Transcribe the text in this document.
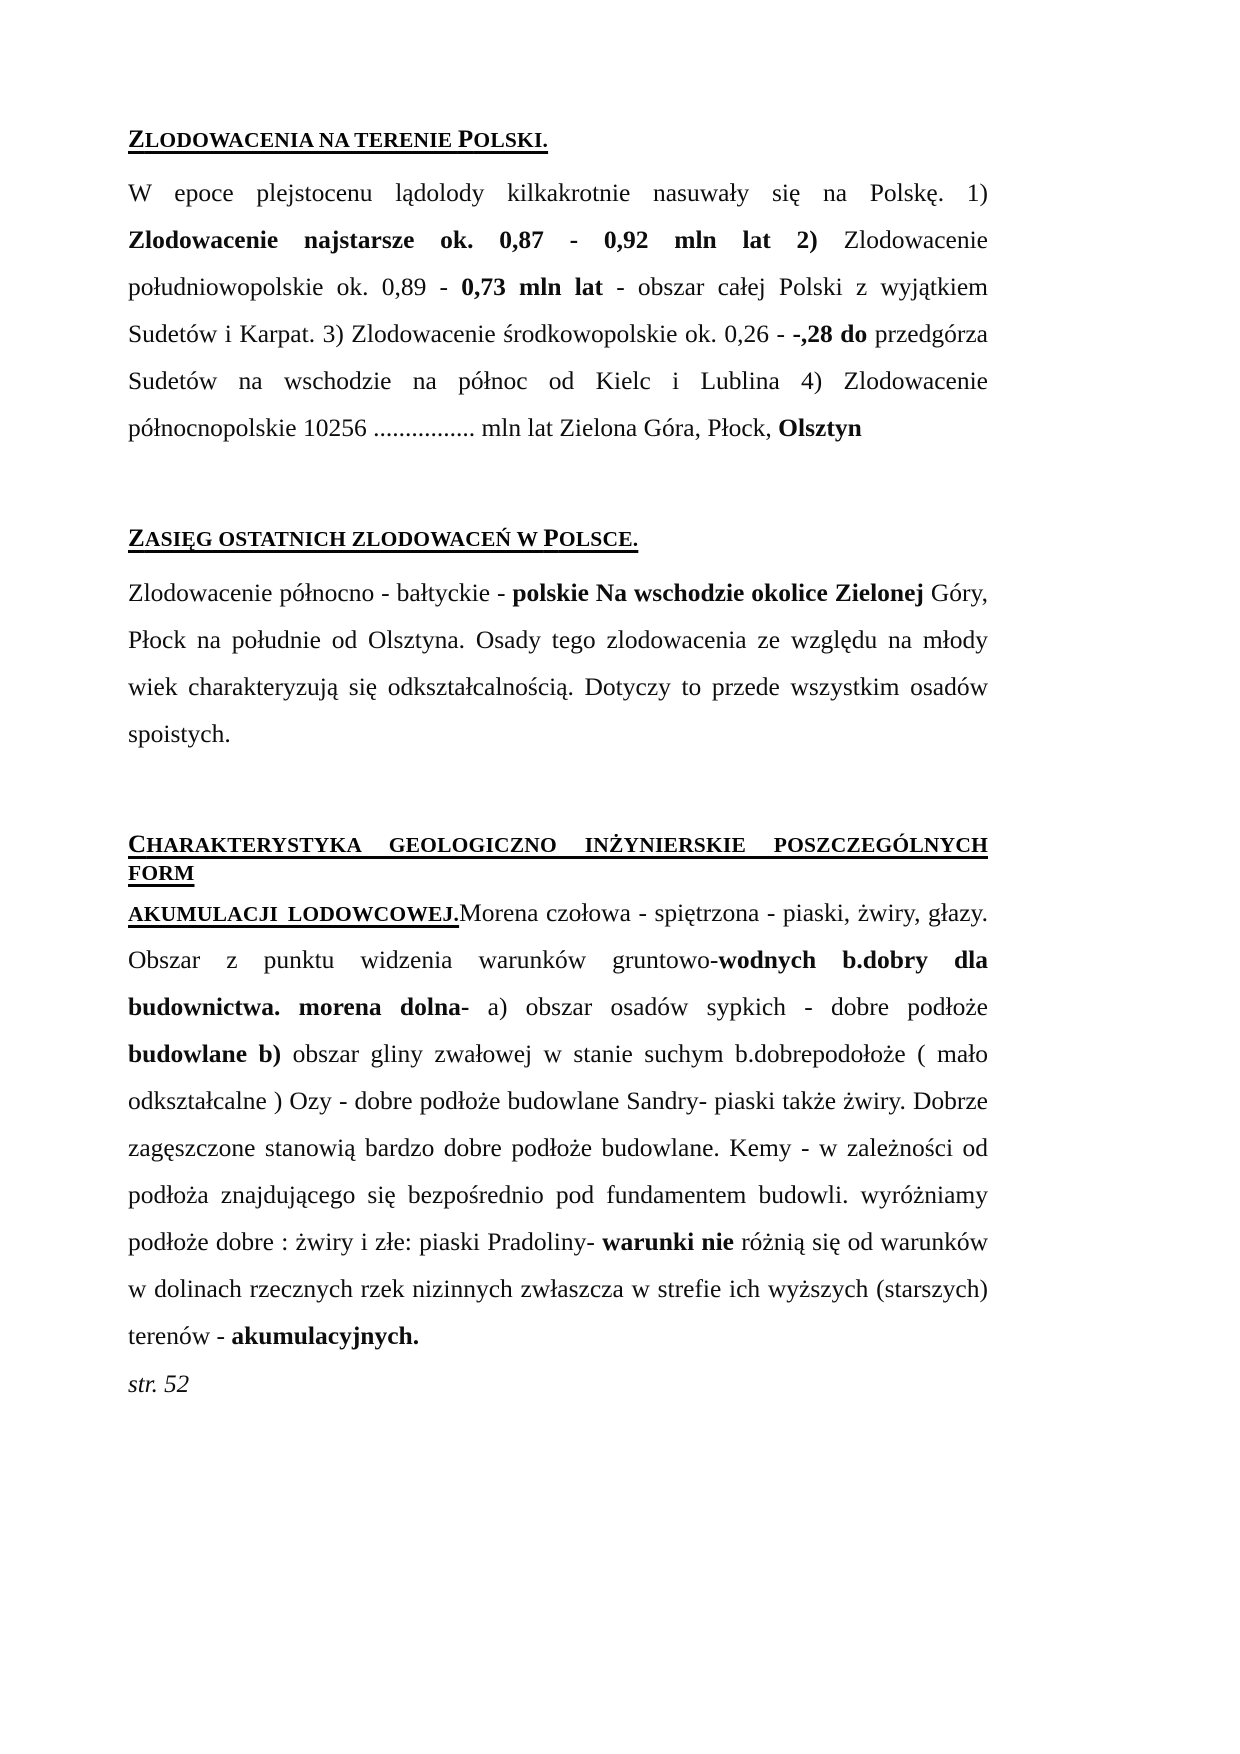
ZLODOWACENIA NA TERENIE POLSKI.

W epoce plejstocenu lądolody kilkakrotnie nasuwały się na Polskę. 1) Zlodowacenie najstarsze ok. 0,87 - 0,92 mln lat 2) Zlodowacenie południowopolskie ok. 0,89 - 0,73 mln lat - obszar całej Polski z wyjątkiem Sudetów i Karpat. 3) Zlodowacenie środkowopolskie ok. 0,26 - -,28 do przedgórza Sudetów na wschodzie na północ od Kielc i Lublina 4) Zlodowacenie północnopolskie 10256 ................ mln lat Zielona Góra, Płock, Olsztyn

ZASIĘG OSTATNICH ZLODOWACEŃ W POLSCE.

Zlodowacenie północno - bałtyckie - polskie Na wschodzie okolice Zielonej Góry, Płock na południe od Olsztyna. Osady tego zlodowacenia ze względu na młody wiek charakteryzują się odkształcalnością. Dotyczy to przede wszystkim osadów spoistych.

CHARAKTERYSTYKA GEOLOGICZNO INŻYNIERSKIE POSZCZEGÓLNYCH FORM

AKUMULACJI LODOWCOWEJ.Morena czołowa - spiętrzona - piaski, żwiry, głazy. Obszar z punktu widzenia warunków gruntowo-wodnych b.dobry dla budownictwa. morena dolna- a) obszar osadów sypkich - dobre podłoże budowlane b) obszar gliny zwałowej w stanie suchym b.dobrepodołoże ( mało odkształcalne ) Ozy - dobre podłoże budowlane Sandry- piaski także żwiry. Dobrze zagęszczone stanowią bardzo dobre podłoże budowlane. Kemy - w zależności od podłoża znajdującego się bezpośrednio pod fundamentem budowli. wyróżniamy podłoże dobre : żwiry i złe: piaski Pradoliny- warunki nie różnią się od warunków w dolinach rzecznych rzek nizinnych zwłaszcza w strefie ich wyższych (starszych) terenów - akumulacyjnych.

str. 52
